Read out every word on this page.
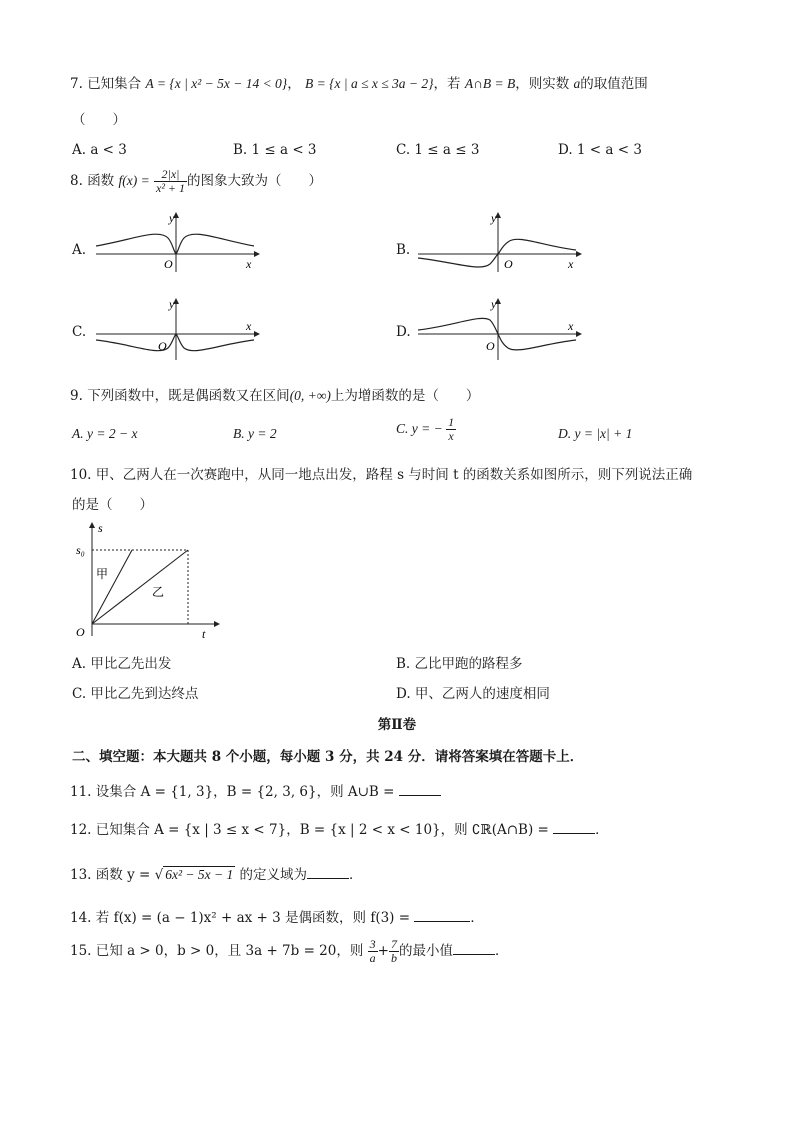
7. 已知集合 A = {x | x² − 5x − 14 < 0}， B = {x | a ≤ x ≤ 3a − 2}，若 A∩B = B，则实数 a的取值范围
（　　）
A. a < 3	B. 1 ≤ a < 3	C. 1 ≤ a ≤ 3	D. 1 < a < 3
8. 函数 $f(x) = \frac{2|x|}{\text{x² + 1}}$ 的图象大致为（　　）
A.
y
O	x
B.
y
O	x
C.
y
O
x	D.
y
O
x
9. 下列函数中，既是偶函数又在区间(0, +∞)上为增函数的是（　　）
A. y = 2 − x	B. y = 2	C. y = − $\frac{1}{x}$	D. y = |x| + 1
10. 甲、乙两人在一次赛跑中，从同一地点出发，路程 s 与时间 t 的函数关系如图所示，则下列说法正确
的是（　　）
s
s₀
甲
乙
O	t
A. 甲比乙先出发	B. 乙比甲跑的路程多
C. 甲比乙先到达终点	D. 甲、乙两人的速度相同
第Ⅱ卷
二、填空题：本大题共 8 个小题，每小题 3 分，共 24 分．请将答案填在答题卡上．
11. 设集合 A = {1, 3}，B = {2, 3, 6}，则 A∪B =
12. 已知集合 A = {x | 3 ≤ x < 7}，B = {x | 2 < x < 10}，则 ∁ℝ(A∩B) =	．
13. 函数 y = √ 6x² − 5x − 1 的定义域为	．
14. 若 f(x) = (a − 1)x² + ax + 3 是偶函数，则 f(3) =	．
15. 已知 a > 0，b > 0，且 3a + 7b = 20，则 $\frac{3}{a} + \frac{7}{b}$ 的最小值	．
